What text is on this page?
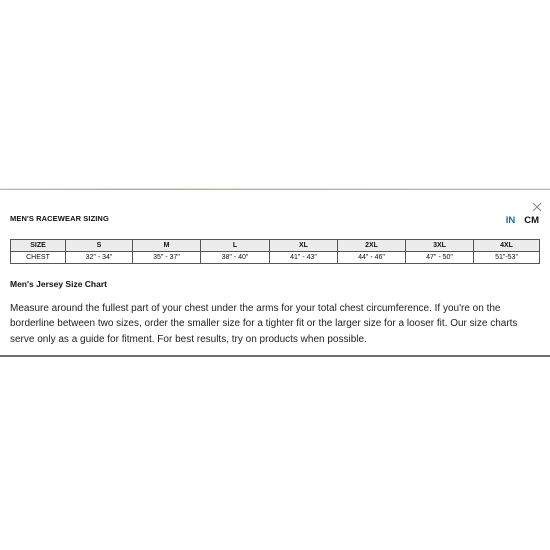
MEN'S RACEWEAR SIZING	IN CM
SIZE	S	M	L	XL	2XL	3XL	4XL
CHEST	32" - 34"	35" - 37"	38" - 40"	41" - 43"	44" - 46"	47" - 50"	51"-53"
Men's Jersey Size Chart
Measure around the fullest part of your chest under the arms for your total chest circumference. If you're on the borderline between two sizes, order the smaller size for a tighter fit or the larger size for a looser fit. Our size charts serve only as a guide for fitment. For best results, try on products when possible.
